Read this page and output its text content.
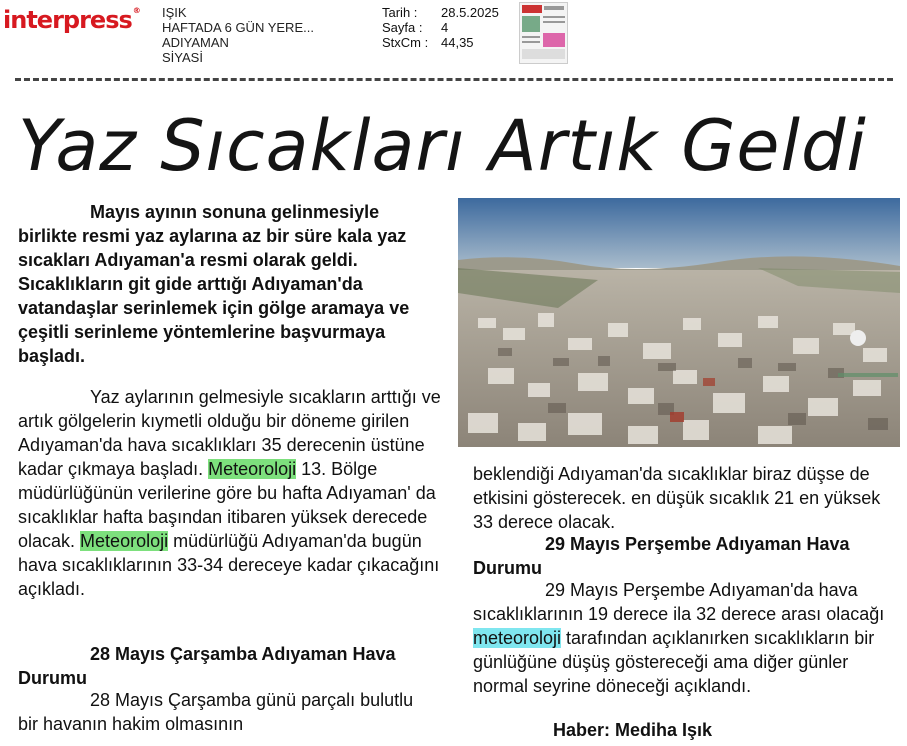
interpress® IŞIK
HAFTADA 6 GÜN YERE...
ADIYAMAN
SİYASİ
Tarih :
Sayfa :
StxCm :
28.5.2025
4
44,35
Yaz Sıcakları Artık Geldi

Mayıs ayının sonuna gelinmesiyle birlikte resmi yaz aylarına az bir süre kala yaz sıcakları Adıyaman'a resmi olarak geldi. Sıcaklıkların git gide arttığı Adıyaman'da vatandaşlar serinlemek için gölge aramaya ve çeşitli serinleme yöntemlerine başvurmaya başladı.

Yaz aylarının gelmesiyle sıcakların arttığı ve artık gölgelerin kıymetli olduğu bir döneme girilen Adıyaman'da hava sıcaklıkları 35 derecenin üstüne kadar çıkmaya başladı. Meteoroloji 13. Bölge müdürlüğünün verilerine göre bu hafta Adıyaman' da sıcaklıklar hafta başından itibaren yüksek derecede olacak. Meteoroloji müdürlüğü Adıyaman'da bugün hava sıcaklıklarının 33-34 dereceye kadar çıkacağını açıkladı.

28 Mayıs Çarşamba Adıyaman Hava Durumu

28 Mayıs Çarşamba günü parçalı bulutlu bir havanın hakim olmasının

beklendiği Adıyaman'da sıcaklıklar biraz düşse de etkisini gösterecek. en düşük sıcaklık 21 en yüksek 33 derece olacak.

29 Mayıs Perşembe Adıyaman Hava Durumu

29 Mayıs Perşembe Adıyaman'da hava sıcaklıklarının 19 derece ila 32 derece arası olacağı meteoroloji tarafından açıklanırken sıcaklıkların bir günlüğüne düşüş göstereceği ama diğer günler normal seyrine döneceği açıklandı.

Haber: Mediha Işık
